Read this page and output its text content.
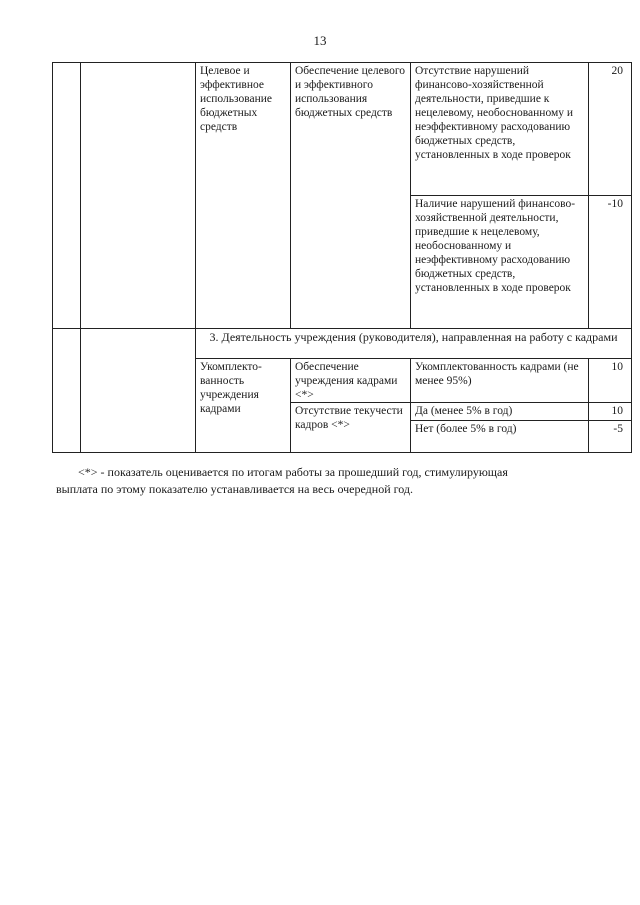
13
		Целевое и эффективное использование бюджетных средств	Обеспечение целевого и эффективного использования бюджетных средств	Отсутствие нарушений финансово-хозяйственной деятельности, приведшие к нецелевому, необоснованному и неэффективному расходованию бюджетных средств, установленных в ходе проверок	20
				Наличие нарушений финансово-хозяйственной деятельности, приведшие к нецелевому, необоснованному и неэффективному расходованию бюджетных средств, установленных в ходе проверок	-10
		3. Деятельность учреждения (руководителя), направленная на работу с кадрами			
		Укомплекто-ванность учреждения кадрами	Обеспечение учреждения кадрами <*>	Укомплектованность кадрами (не менее 95%)	10
			Отсутствие текучести кадров <*>	Да (менее 5% в год)	10
				Нет (более 5% в год)	-5
<*> - показатель оценивается по итогам работы за прошедший год, стимулирующая
выплата по этому показателю устанавливается на весь очередной год.
